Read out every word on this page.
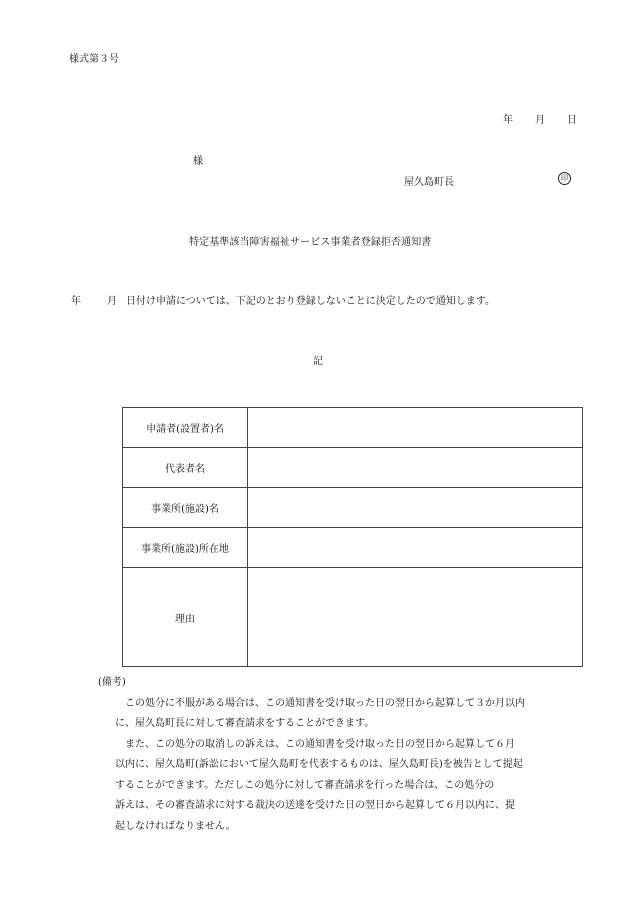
様式第３号
年 月 日
様
屋久島町長	印
特定基準該当障害福祉サービス事業者登録拒否通知書
年	月 日付け申請については、下記のとおり登録しないことに決定したので通知します。
記
申請者(設置者)名	
代表者名	
事業所(施設)名	
事業所(施設)所在地	
理由	

(備考)

　この処分に不服がある場合は、この通知書を受け取った日の翌日から起算して３か月以内

に、屋久島町長に対して審査請求をすることができます。

　また、この処分の取消しの訴えは、この通知書を受け取った日の翌日から起算して６月

以内に、屋久島町(訴訟において屋久島町を代表するものは、屋久島町長)を被告として提起

することができます。ただしこの処分に対して審査請求を行った場合は、この処分の

訴えは、その審査請求に対する裁決の送達を受けた日の翌日から起算して６月以内に、提

起しなければなりません。
